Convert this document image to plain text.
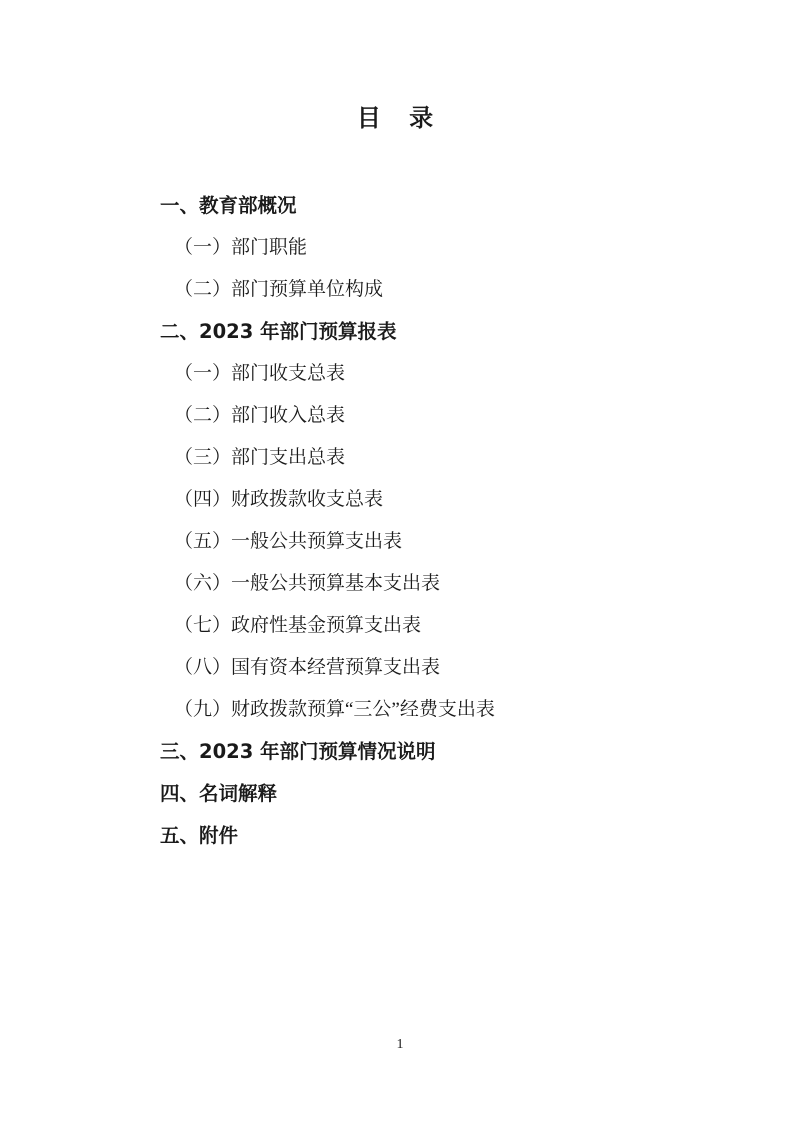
目 录
一、教育部概况
（一）部门职能
（二）部门预算单位构成
二、2023 年部门预算报表
（一）部门收支总表
（二）部门收入总表
（三）部门支出总表
（四）财政拨款收支总表
（五）一般公共预算支出表
（六）一般公共预算基本支出表
（七）政府性基金预算支出表
（八）国有资本经营预算支出表
（九）财政拨款预算“三公”经费支出表
三、2023 年部门预算情况说明
四、名词解释
五、附件
1
